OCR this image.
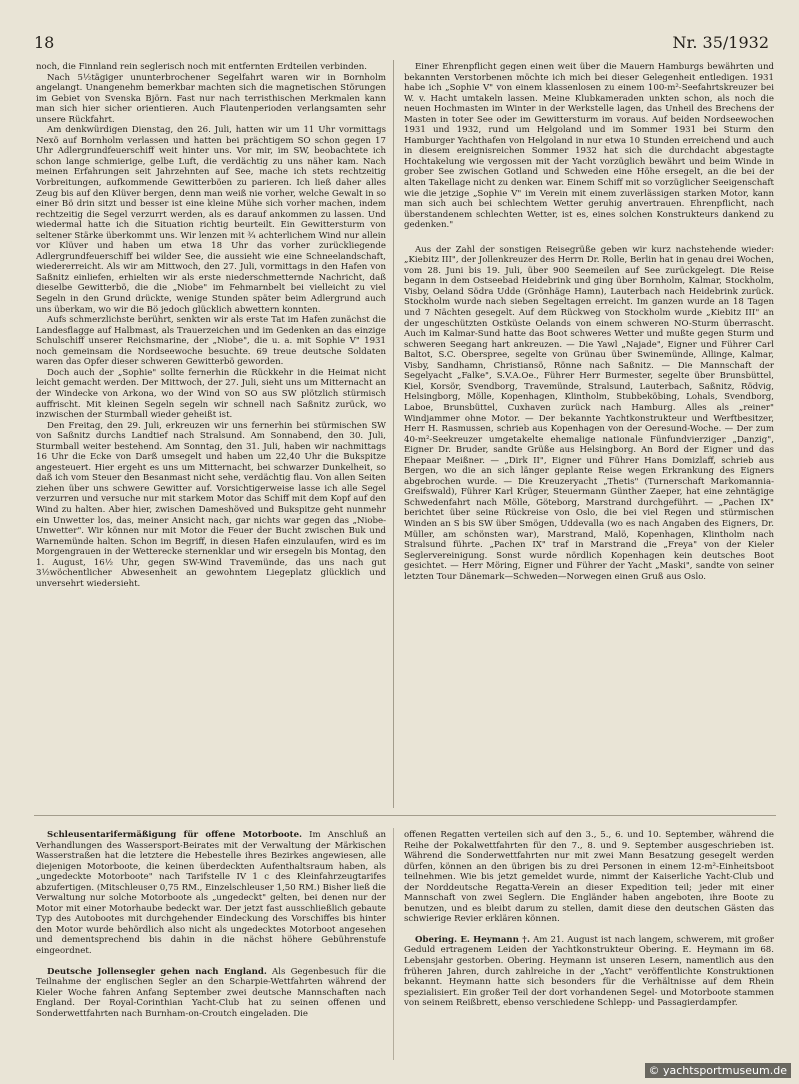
18	Nr. 35/1932

noch, die Finnland rein seglerisch noch mit entfernten Erdteilen verbinden.

Nach 5½tägiger ununterbrochener Segelfahrt waren wir in Bornholm angelangt. Unangenehm bemerkbar machten sich die magnetischen Störungen im Gebiet von Svenska Björn. Fast nur nach terristhischen Merkmalen kann man sich hier sicher orientieren. Auch Flautenperioden verlangsamten sehr unsere Rückfahrt.

Am denkwürdigen Dienstag, den 26. Juli, hatten wir um 11 Uhr vormittags Nexö auf Bornholm verlassen und hatten bei prächtigem SO schon gegen 17 Uhr Adlergrundfeuerschiff weit hinter uns. Vor mir, im SW, beobachtete ich schon lange schmierige, gelbe Luft, die verdächtig zu uns näher kam. Nach meinen Erfahrungen seit Jahrzehnten auf See, mache ich stets rechtzeitig Vorbreitungen, aufkommende Gewitterböen zu parieren. Ich ließ daher alles Zeug bis auf den Klüver bergen, denn man weiß nie vorher, welche Gewalt in so einer Bö drin sitzt und besser ist eine kleine Mühe sich vorher machen, indem rechtzeitig die Segel verzurrt werden, als es darauf ankommen zu lassen. Und wiedermal hatte ich die Situation richtig beurteilt. Ein Gewittersturm von seltener Stärke überkommt uns. Wir lenzen mit ¾ achterlichem Wind nur allein vor Klüver und haben um etwa 18 Uhr das vorher zurückliegende Adlergrundfeuerschiff bei wilder See, die aussieht wie eine Schneelandschaft, wiedererreicht. Als wir am Mittwoch, den 27. Juli, vormittags in den Hafen von Saßnitz einliefen, erhielten wir als erste niederschmetternde Nachricht, daß dieselbe Gewitterbö, die die „Niobe" im Fehmarnbelt bei vielleicht zu viel Segeln in den Grund drückte, wenige Stunden später beim Adlergrund auch uns überkam, wo wir die Bö jedoch glücklich abwettern konnten.

Aufs schmerzlichste berührt, senkten wir als erste Tat im Hafen zunächst die Landesflagge auf Halbmast, als Trauerzeichen und im Gedenken an das einzige Schulschiff unserer Reichsmarine, der „Niobe", die u. a. mit Sophie V" 1931 noch gemeinsam die Nordseewoche besuchte. 69 treue deutsche Soldaten waren das Opfer dieser schweren Gewitterbö geworden.

Doch auch der „Sophie" sollte fernerhin die Rückkehr in die Heimat nicht leicht gemacht werden. Der Mittwoch, der 27. Juli, sieht uns um Mitternacht an der Windecke von Arkona, wo der Wind von SO aus SW plötzlich stürmisch auffrischt. Mit kleinen Segeln segeln wir schnell nach Saßnitz zurück, wo inzwischen der Sturmball wieder geheißt ist.

Den Freitag, den 29. Juli, erkreuzen wir uns fernerhin bei stürmischen SW von Saßnitz durchs Landtief nach Stralsund. Am Sonnabend, den 30. Juli, Sturmball weiter bestehend. Am Sonntag, den 31. Juli, haben wir nachmittags 16 Uhr die Ecke von Darß umsegelt und haben um 22,40 Uhr die Bukspitze angesteuert. Hier ergeht es uns um Mitternacht, bei schwarzer Dunkelheit, so daß ich vom Steuer den Besanmast nicht sehe, verdächtig flau. Von allen Seiten ziehen über uns schwere Gewitter auf. Vorsichtigerweise lasse ich alle Segel verzurren und versuche nur mit starkem Motor das Schiff mit dem Kopf auf den Wind zu halten. Aber hier, zwischen Dameshöved und Bukspitze geht nunmehr ein Unwetter los, das, meiner Ansicht nach, gar nichts war gegen das „Niobe-Unwetter". Wir können nur mit Motor die Feuer der Bucht zwischen Buk und Warnemünde halten. Schon im Begriff, in diesen Hafen einzulaufen, wird es im Morgengrauen in der Wetterecke sternenklar und wir ersegeln bis Montag, den 1. August, 16½ Uhr, gegen SW-Wind Travemünde, das uns nach gut 3½wöchentlicher Abwesenheit an gewohntem Liegeplatz glücklich und unversehrt wiedersieht.

Einer Ehrenpflicht gegen einen weit über die Mauern Hamburgs bewährten und bekannten Verstorbenen möchte ich mich bei dieser Gelegenheit entledigen. 1931 habe ich „Sophie V" von einem klassenlosen zu einem 100-m²-Seefahrtskreuzer bei W. v. Hacht umtakeln lassen. Meine Klubkameraden unkten schon, als noch die neuen Hochmasten im Winter in der Werkstelle lagen, das Unheil des Brechens der Masten in toter See oder im Gewittersturm im voraus. Auf beiden Nordseewochen 1931 und 1932, rund um Helgoland und im Sommer 1931 bei Sturm den Hamburger Yachthafen von Helgoland in nur etwa 10 Stunden erreichend und auch in diesem ereignisreichen Sommer 1932 hat sich die durchdacht abgestagte Hochtakelung wie vergossen mit der Yacht vorzüglich bewährt und beim Winde in grober See zwischen Gotland und Schweden eine Höhe ersegelt, an die bei der alten Takellage nicht zu denken war. Einem Schiff mit so vorzüglicher Seeigenschaft wie die jetzige „Sophie V" im Verein mit einem zuverlässigen starken Motor, kann man sich auch bei schlechtem Wetter geruhig anvertrauen. Ehrenpflicht, nach überstandenem schlechten Wetter, ist es, eines solchen Konstrukteurs dankend zu gedenken."

Aus der Zahl der sonstigen Reisegrüße geben wir kurz nachstehende wieder: „Kiebitz III", der Jollenkreuzer des Herrn Dr. Rolle, Berlin hat in genau drei Wochen, vom 28. Juni bis 19. Juli, über 900 Seemeilen auf See zurückgelegt. Die Reise begann in dem Ostseebad Heidebrink und ging über Bornholm, Kalmar, Stockholm, Visby, Oeland Södra Udde (Grönhäge Hamn), Lauterbach nach Heidebrink zurück. Stockholm wurde nach sieben Segeltagen erreicht. Im ganzen wurde an 18 Tagen und 7 Nächten gesegelt. Auf dem Rückweg von Stockholm wurde „Kiebitz III" an der ungeschützten Ostküste Oelands von einem schweren NO-Sturm überrascht. Auch im Kalmar-Sund hatte das Boot schweres Wetter und mußte gegen Sturm und schweren Seegang hart ankreuzen. — Die Yawl „Najade", Eigner und Führer Carl Baltot, S.C. Oberspree, segelte von Grünau über Swinemünde, Allinge, Kalmar, Visby, Sandhamn, Christiansö, Rönne nach Saßnitz. — Die Mannschaft der Segelyacht „Falke", S.V.A.Oe., Führer Herr Burmester, segelte über Brunsbüttel, Kiel, Korsör, Svendborg, Travemünde, Stralsund, Lauterbach, Saßnitz, Rödvig, Helsingborg, Mölle, Kopenhagen, Klintholm, Stubbeköbing, Lohals, Svendborg, Laboe, Brunsbüttel, Cuxhaven zurück nach Hamburg. Alles als „reiner" Windjammer ohne Motor. — Der bekannte Yachtkonstrukteur und Werftbesitzer, Herr H. Rasmussen, schrieb aus Kopenhagen von der Oeresund-Woche. — Der zum 40-m²-Seekreuzer umgetakelte ehemalige nationale Fünfundvierziger „Danzig", Eigner Dr. Bruder, sandte Grüße aus Helsingborg. An Bord der Eigner und das Ehepaar Meißner. — „Dirk II", Eigner und Führer Hans Domizlaff, schrieb aus Bergen, wo die an sich länger geplante Reise wegen Erkrankung des Eigners abgebrochen wurde. — Die Kreuzeryacht „Thetis" (Turnerschaft Markomannia-Greifswald), Führer Karl Krüger, Steuermann Günther Zaeper, hat eine zehntägige Schwedenfahrt nach Mölle, Göteborg, Marstrand durchgeführt. — „Pachen IX" berichtet über seine Rückreise von Oslo, die bei viel Regen und stürmischen Winden an S bis SW über Smögen, Uddevalla (wo es nach Angaben des Eigners, Dr. Müller, am schönsten war), Marstrand, Malö, Kopenhagen, Klintholm nach Stralsund führte. „Pachen IX" traf in Marstrand die „Freya" von der Kieler Seglervereinigung. Sonst wurde nördlich Kopenhagen kein deutsches Boot gesichtet. — Herr Möring, Eigner und Führer der Yacht „Maski", sandte von seiner letzten Tour Dänemark—Schweden—Norwegen einen Gruß aus Oslo.

Schleusentarifermäßigung für offene Motorboote. Im Anschluß an Verhandlungen des Wassersport-Beirates mit der Verwaltung der Märkischen Wasserstraßen hat die letztere die Hebestelle ihres Bezirkes angewiesen, alle diejenigen Motorboote, die keinen überdeckten Aufenthaltsraum haben, als „ungedeckte Motorboote" nach Tarifstelle IV 1 c des Kleinfahrzeugtarifes abzufertigen. (Mitschleuser 0,75 RM., Einzelschleuser 1,50 RM.) Bisher ließ die Verwaltung nur solche Motorboote als „ungedeckt" gelten, bei denen nur der Motor mit einer Motorhaube bedeckt war. Der jetzt fast ausschließlich gebaute Typ des Autobootes mit durchgehender Eindeckung des Vorschiffes bis hinter den Motor wurde behördlich also nicht als ungedecktes Motorboot angesehen und dementsprechend bis dahin in die nächst höhere Gebührenstufe eingeordnet.

Deutsche Jollensegler gehen nach England. Als Gegenbesuch für die Teilnahme der englischen Segler an den Scharpie-Wettfahrten während der Kieler Woche fahren Anfang September zwei deutsche Mannschaften nach England. Der Royal-Corinthian Yacht-Club hat zu seinen offenen und Sonderwettfahrten nach Burnham-on-Croutch eingeladen. Die

offenen Regatten verteilen sich auf den 3., 5., 6. und 10. September, während die Reihe der Pokalwettfahrten für den 7., 8. und 9. September ausgeschrieben ist. Während die Sonderwettfahrten nur mit zwei Mann Besatzung gesegelt werden dürfen, können an den übrigen bis zu drei Personen in einem 12-m²-Einheitsboot teilnehmen. Wie bis jetzt gemeldet wurde, nimmt der Kaiserliche Yacht-Club und der Norddeutsche Regatta-Verein an dieser Expedition teil; jeder mit einer Mannschaft von zwei Seglern. Die Engländer haben angeboten, ihre Boote zu benutzen, und es bleibt darum zu stellen, damit diese den deutschen Gästen das schwierige Revier erklären können.

Obering. E. Heymann †. Am 21. August ist nach langem, schwerem, mit großer Geduld ertragenem Leiden der Yachtkonstrukteur Obering. E. Heymann im 68. Lebensjahr gestorben. Obering. Heymann ist unseren Lesern, namentlich aus den früheren Jahren, durch zahlreiche in der „Yacht" veröffentlichte Konstruktionen bekannt. Heymann hatte sich besonders für die Verhältnisse auf dem Rhein spezialisiert. Ein großer Teil der dort vorhandenen Segel- und Motorboote stammen von seinem Reißbrett, ebenso verschiedene Schlepp- und Passagierdampfer.

© yachtsportmuseum.de
